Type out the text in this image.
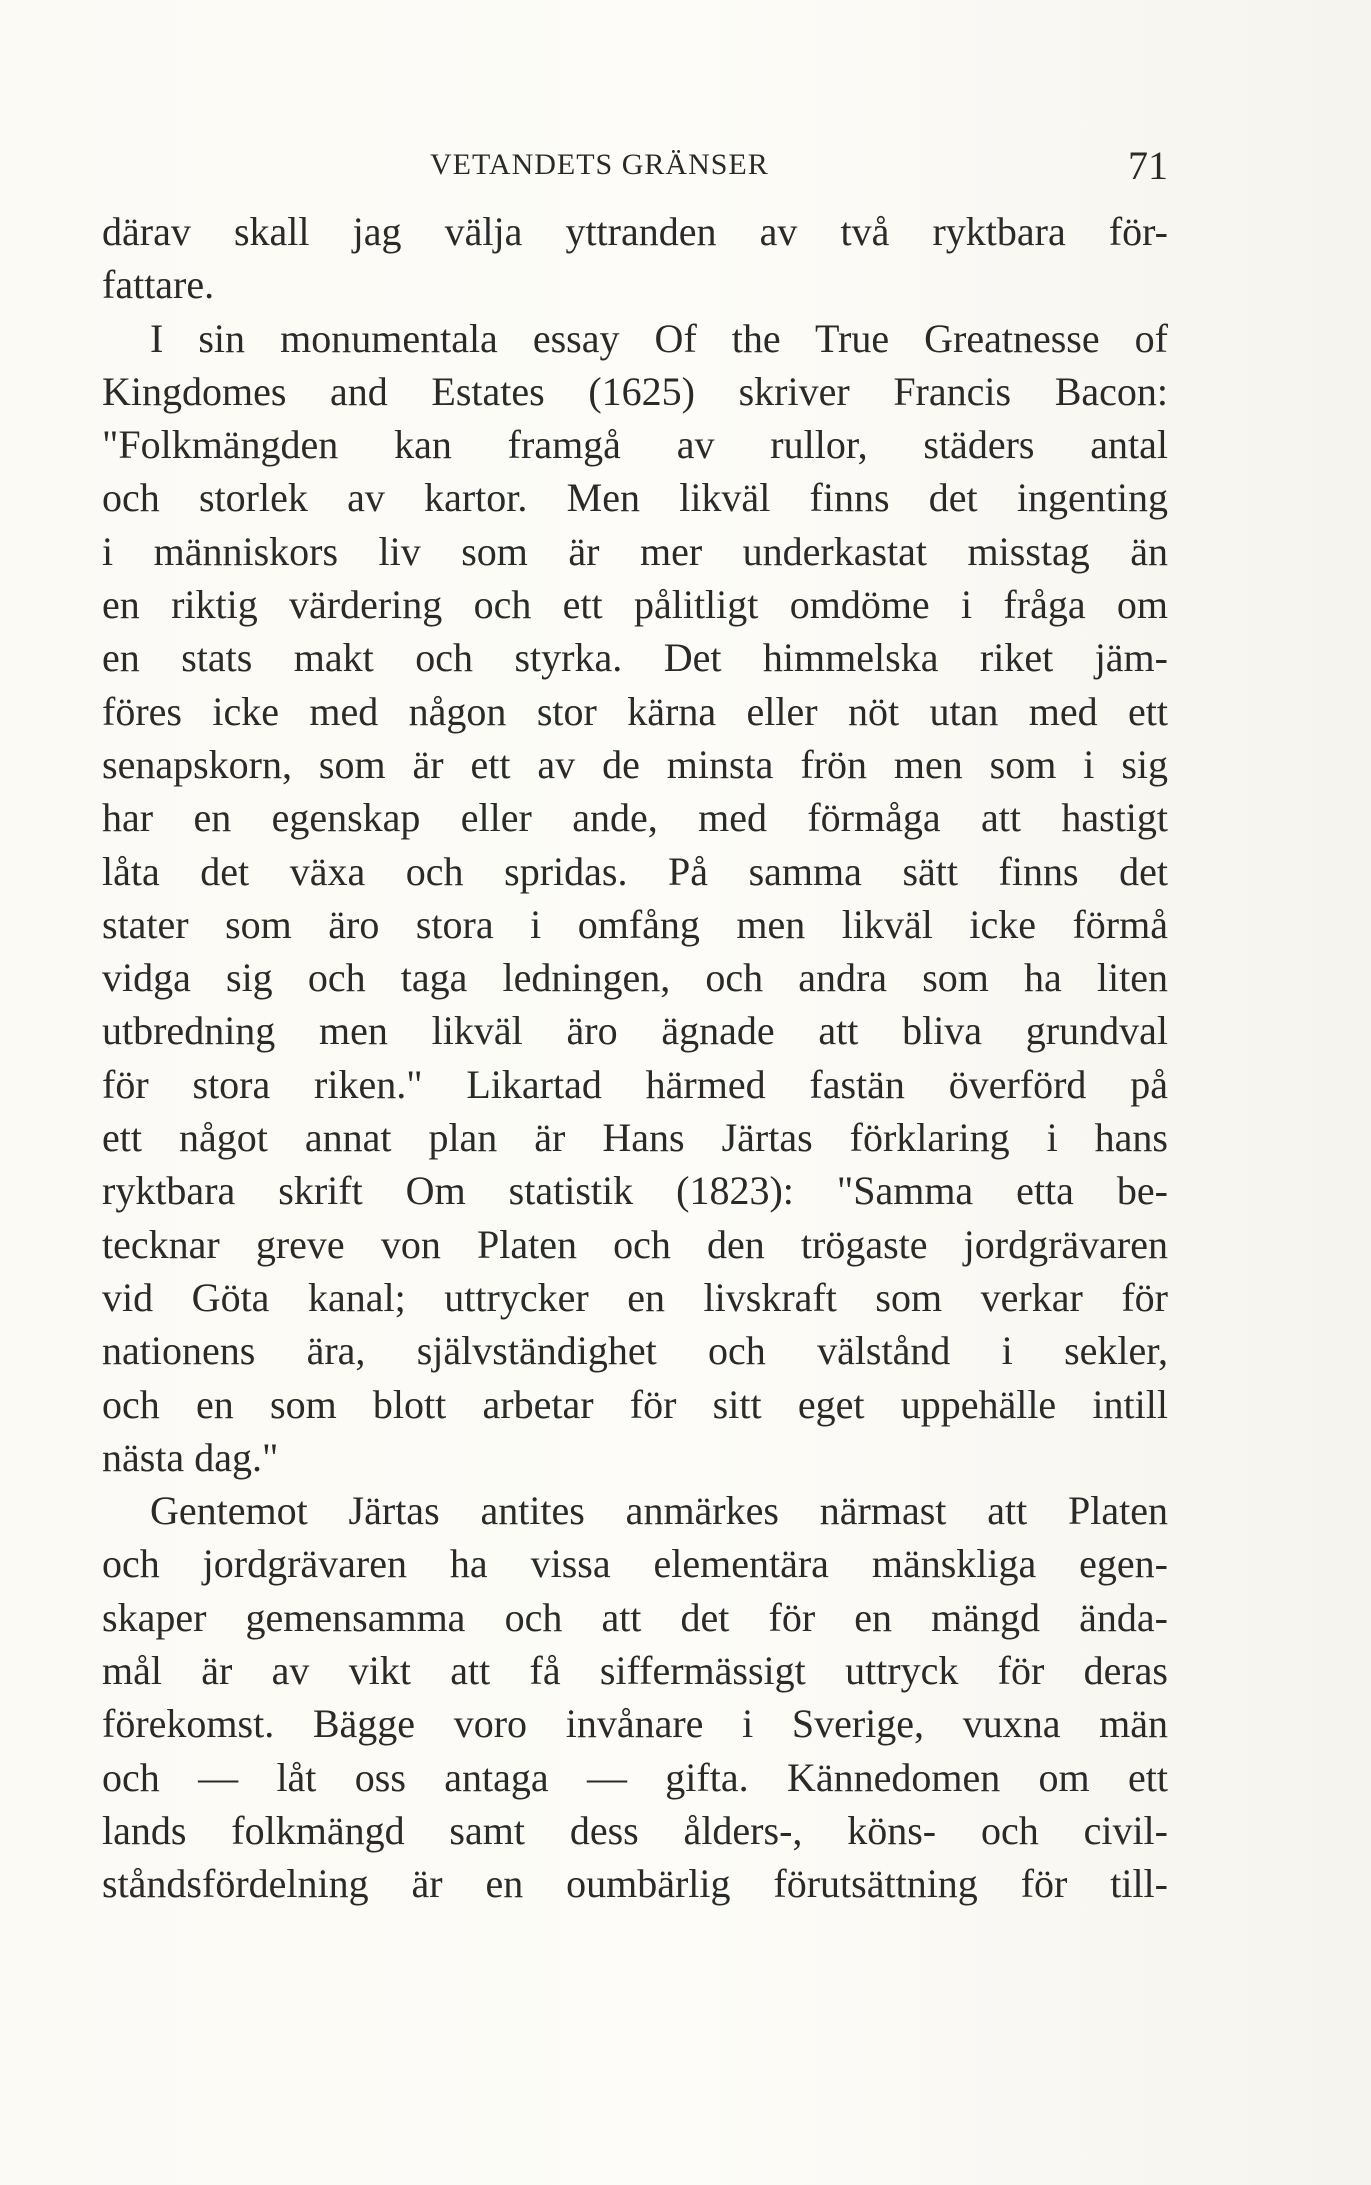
VETANDETS GRÄNSER	71
därav skall jag välja yttranden av två ryktbara för-
fattare.
I sin monumentala essay Of the True Greatnesse of
Kingdomes and Estates (1625) skriver Francis Bacon:
"Folkmängden kan framgå av rullor, städers antal
och storlek av kartor. Men likväl finns det ingenting
i människors liv som är mer underkastat misstag än
en riktig värdering och ett pålitligt omdöme i fråga om
en stats makt och styrka. Det himmelska riket jäm-
föres icke med någon stor kärna eller nöt utan med ett
senapskorn, som är ett av de minsta frön men som i sig
har en egenskap eller ande, med förmåga att hastigt
låta det växa och spridas. På samma sätt finns det
stater som äro stora i omfång men likväl icke förmå
vidga sig och taga ledningen, och andra som ha liten
utbredning men likväl äro ägnade att bliva grundval
för stora riken." Likartad härmed fastän överförd på
ett något annat plan är Hans Järtas förklaring i hans
ryktbara skrift Om statistik (1823): "Samma etta be-
tecknar greve von Platen och den trögaste jordgrävaren
vid Göta kanal; uttrycker en livskraft som verkar för
nationens ära, självständighet och välstånd i sekler,
och en som blott arbetar för sitt eget uppehälle intill
nästa dag."
Gentemot Järtas antites anmärkes närmast att Platen
och jordgrävaren ha vissa elementära mänskliga egen-
skaper gemensamma och att det för en mängd ända-
mål är av vikt att få siffermässigt uttryck för deras
förekomst. Bägge voro invånare i Sverige, vuxna män
och — låt oss antaga — gifta. Kännedomen om ett
lands folkmängd samt dess ålders-, köns- och civil-
ståndsfördelning är en oumbärlig förutsättning för till-
